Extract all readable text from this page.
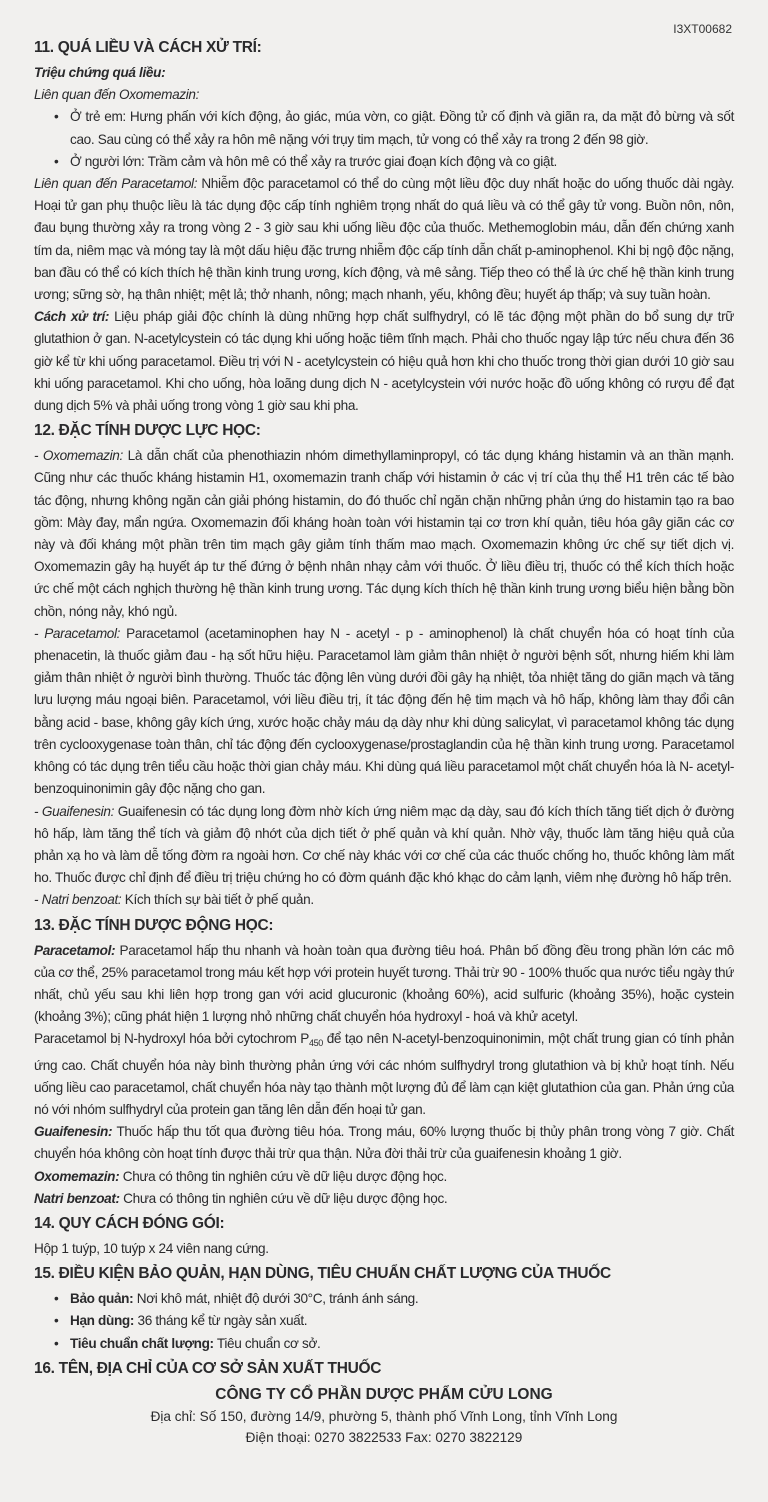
I3XT00682
11. QUÁ LIỀU VÀ CÁCH XỬ TRÍ:

Triệu chứng quá liều:

Liên quan đến Oxomemazin:

• Ở trẻ em: Hưng phấn với kích động, ảo giác, múa vờn, co giật. Đồng tử cố định và giãn ra, da mặt đỏ bừng và sốt cao. Sau cùng có thể xảy ra hôn mê nặng với trụy tim mạch, tử vong có thể xảy ra trong 2 đến 98 giờ.

• Ở người lớn: Trầm cảm và hôn mê có thể xảy ra trước giai đoạn kích động và co giật.

Liên quan đến Paracetamol: Nhiễm độc paracetamol có thể do cùng một liều độc duy nhất hoặc do uống thuốc dài ngày. Hoại tử gan phụ thuộc liều là tác dụng độc cấp tính nghiêm trọng nhất do quá liều và có thể gây tử vong. Buồn nôn, nôn, đau bụng thường xảy ra trong vòng 2 - 3 giờ sau khi uống liều độc của thuốc. Methemoglobin máu, dẫn đến chứng xanh tím da, niêm mạc và móng tay là một dấu hiệu đặc trưng nhiễm độc cấp tính dẫn chất p-aminophenol. Khi bị ngộ độc nặng, ban đầu có thể có kích thích hệ thần kinh trung ương, kích động, và mê sảng. Tiếp theo có thể là ức chế hệ thần kinh trung ương; sững sờ, hạ thân nhiệt; mệt lả; thở nhanh, nông; mạch nhanh, yếu, không đều; huyết áp thấp; và suy tuần hoàn.

Cách xử trí: Liệu pháp giải độc chính là dùng những hợp chất sulfhydryl, có lẽ tác động một phần do bổ sung dự trữ glutathion ở gan. N-acetylcystein có tác dụng khi uống hoặc tiêm tĩnh mạch. Phải cho thuốc ngay lập tức nếu chưa đến 36 giờ kể từ khi uống paracetamol. Điều trị với N - acetylcystein có hiệu quả hơn khi cho thuốc trong thời gian dưới 10 giờ sau khi uống paracetamol. Khi cho uống, hòa loãng dung dịch N - acetylcystein với nước hoặc đồ uống không có rượu để đạt dung dịch 5% và phải uống trong vòng 1 giờ sau khi pha.

12. ĐẶC TÍNH DƯỢC LỰC HỌC:

- Oxomemazin: Là dẫn chất của phenothiazin nhóm dimethyllaminpropyl, có tác dụng kháng histamin và an thần mạnh. Cũng như các thuốc kháng histamin H1, oxomemazin tranh chấp với histamin ở các vị trí của thụ thể H1 trên các tế bào tác động, nhưng không ngăn cản giải phóng histamin, do đó thuốc chỉ ngăn chặn những phản ứng do histamin tạo ra bao gồm: Mày đay, mẩn ngứa. Oxomemazin đối kháng hoàn toàn với histamin tại cơ trơn khí quản, tiêu hóa gây giãn các cơ này và đối kháng một phần trên tim mạch gây giảm tính thấm mao mạch. Oxomemazin không ức chế sự tiết dịch vị. Oxomemazin gây hạ huyết áp tư thế đứng ở bệnh nhân nhạy cảm với thuốc. Ở liều điều trị, thuốc có thể kích thích hoặc ức chế một cách nghịch thường hệ thần kinh trung ương. Tác dụng kích thích hệ thần kinh trung ương biểu hiện bằng bồn chồn, nóng nảy, khó ngủ.

- Paracetamol: Paracetamol (acetaminophen hay N - acetyl - p - aminophenol) là chất chuyển hóa có hoạt tính của phenacetin, là thuốc giảm đau - hạ sốt hữu hiệu. Paracetamol làm giảm thân nhiệt ở người bệnh sốt, nhưng hiếm khi làm giảm thân nhiệt ở người bình thường. Thuốc tác động lên vùng dưới đồi gây hạ nhiệt, tỏa nhiệt tăng do giãn mạch và tăng lưu lượng máu ngoại biên. Paracetamol, với liều điều trị, ít tác động đến hệ tim mạch và hô hấp, không làm thay đổi cân bằng acid - base, không gây kích ứng, xước hoặc chảy máu dạ dày như khi dùng salicylat, vì paracetamol không tác dụng trên cyclooxygenase toàn thân, chỉ tác động đến cyclooxygenase/prostaglandin của hệ thần kinh trung ương. Paracetamol không có tác dụng trên tiểu cầu hoặc thời gian chảy máu. Khi dùng quá liều paracetamol một chất chuyển hóa là N- acetyl-benzoquinonimin gây độc nặng cho gan.

- Guaifenesin: Guaifenesin có tác dụng long đờm nhờ kích ứng niêm mạc dạ dày, sau đó kích thích tăng tiết dịch ở đường hô hấp, làm tăng thể tích và giảm độ nhớt của dịch tiết ở phế quản và khí quản. Nhờ vậy, thuốc làm tăng hiệu quả của phản xạ ho và làm dễ tống đờm ra ngoài hơn. Cơ chế này khác với cơ chế của các thuốc chống ho, thuốc không làm mất ho. Thuốc được chỉ định để điều trị triệu chứng ho có đờm quánh đặc khó khạc do cảm lạnh, viêm nhẹ đường hô hấp trên.

- Natri benzoat: Kích thích sự bài tiết ở phế quản.

13. ĐẶC TÍNH DƯỢC ĐỘNG HỌC:

Paracetamol: Paracetamol hấp thu nhanh và hoàn toàn qua đường tiêu hoá. Phân bố đồng đều trong phần lớn các mô của cơ thể, 25% paracetamol trong máu kết hợp với protein huyết tương. Thải trừ 90 - 100% thuốc qua nước tiểu ngày thứ nhất, chủ yếu sau khi liên hợp trong gan với acid glucuronic (khoảng 60%), acid sulfuric (khoảng 35%), hoặc cystein (khoảng 3%); cũng phát hiện 1 lượng nhỏ những chất chuyển hóa hydroxyl - hoá và khử acetyl.

Paracetamol bị N-hydroxyl hóa bởi cytochrom $P_{450}$ để tạo nên N-acetyl-benzoquinonimin, một chất trung gian có tính phản ứng cao. Chất chuyển hóa này bình thường phản ứng với các nhóm sulfhydryl trong glutathion và bị khử hoạt tính. Nếu uống liều cao paracetamol, chất chuyển hóa này tạo thành một lượng đủ để làm cạn kiệt glutathion của gan. Phản ứng của nó với nhóm sulfhydryl của protein gan tăng lên dẫn đến hoại tử gan.

Guaifenesin: Thuốc hấp thu tốt qua đường tiêu hóa. Trong máu, 60% lượng thuốc bị thủy phân trong vòng 7 giờ. Chất chuyển hóa không còn hoạt tính được thải trừ qua thận. Nửa đời thải trừ của guaifenesin khoảng 1 giờ.

Oxomemazin: Chưa có thông tin nghiên cứu về dữ liệu dược động học.

Natri benzoat: Chưa có thông tin nghiên cứu về dữ liệu dược động học.

14. QUY CÁCH ĐÓNG GÓI:

Hộp 1 tuýp, 10 tuýp x 24 viên nang cứng.

15. ĐIỀU KIỆN BẢO QUẢN, HẠN DÙNG, TIÊU CHUẨN CHẤT LƯỢNG CỦA THUỐC

• Bảo quản: Nơi khô mát, nhiệt độ dưới 30°C, tránh ánh sáng.

• Hạn dùng: 36 tháng kể từ ngày sản xuất.

• Tiêu chuẩn chất lượng: Tiêu chuẩn cơ sở.

16. TÊN, ĐỊA CHỈ CỦA CƠ SỞ SẢN XUẤT THUỐC
CÔNG TY CỔ PHẦN DƯỢC PHẨM CỬU LONG
Địa chỉ: Số 150, đường 14/9, phường 5, thành phố Vĩnh Long, tỉnh Vĩnh Long
Điện thoại: 0270 3822533 Fax: 0270 3822129
